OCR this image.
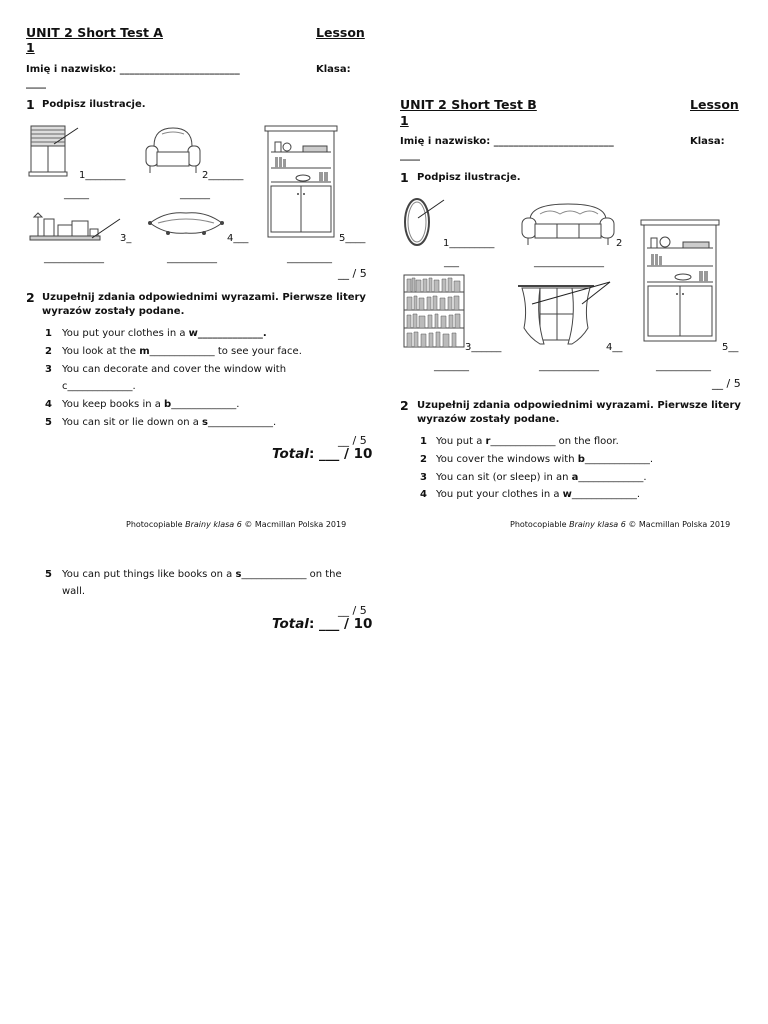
UNIT 2 Short Test A	Lesson
1
Imię i nazwisko: ________________________	Klasa:
____
1 Podpisz ilustracje.
1________
_____
2_______
______
3_
____________
4___
__________
5____
_________
__ / 5
2 Uzupełnij zdania odpowiednimi wyrazami. Pierwsze litery
wyrazów zostały podane.
1 You put your clothes in a w_____________.
2 You look at the m_____________ to see your face.
3 You can decorate and cover the window with
c_____________.
4 You keep books in a b_____________.
5 You can sit or lie down on a s_____________.
__ / 5
Total: ___ / 10
Photocopiable Brainy klasa 6 © Macmillan Polska 2019
5 You can put things like books on a s_____________ on the
wall.
__ / 5
Total: ___ / 10
UNIT 2 Short Test B	Lesson
1
Imię i nazwisko: ________________________	Klasa:
____
1 Podpisz ilustracje.
1_________
___
2
______________
3______
_______
4__
____________
5__
___________
__ / 5
2 Uzupełnij zdania odpowiednimi wyrazami. Pierwsze litery
wyrazów zostały podane.
1 You put a r_____________ on the floor.
2 You cover the windows with b_____________.
3 You can sit (or sleep) in an a_____________.
4 You put your clothes in a w_____________.
Photocopiable Brainy klasa 6 © Macmillan Polska 2019
